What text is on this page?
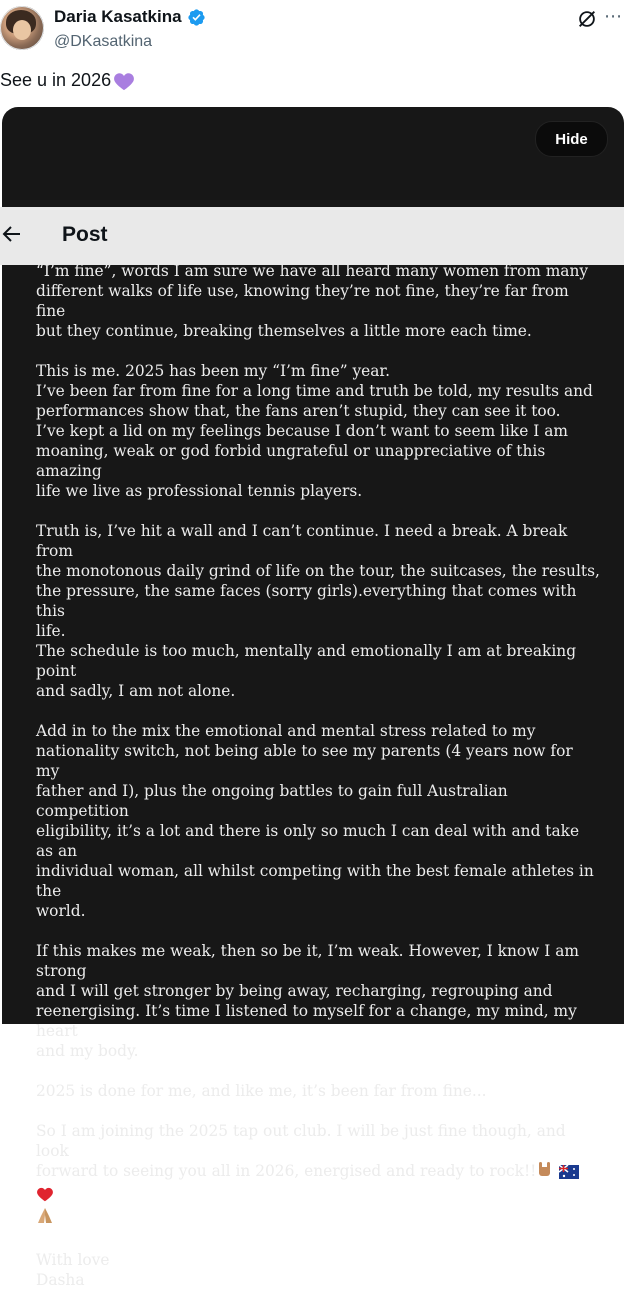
Daria Kasatkina
@DKasatkina
⋯
See u in 2026
Hide
Post

“I’m fine”, words I am sure we have all heard many women from many
different walks of life use, knowing they’re not fine, they’re far from fine
but they continue, breaking themselves a little more each time.

This is me. 2025 has been my “I’m fine” year.
I’ve been far from fine for a long time and truth be told, my results and
performances show that, the fans aren’t stupid, they can see it too.
I’ve kept a lid on my feelings because I don’t want to seem like I am
moaning, weak or god forbid ungrateful or unappreciative of this amazing
life we live as professional tennis players.

Truth is, I’ve hit a wall and I can’t continue. I need a break. A break from
the monotonous daily grind of life on the tour, the suitcases, the results,
the pressure, the same faces (sorry girls).everything that comes with this
life.
The schedule is too much, mentally and emotionally I am at breaking point
and sadly, I am not alone.

Add in to the mix the emotional and mental stress related to my
nationality switch, not being able to see my parents (4 years now for my
father and I), plus the ongoing battles to gain full Australian competition
eligibility, it’s a lot and there is only so much I can deal with and take as an
individual woman, all whilst competing with the best female athletes in the
world.

If this makes me weak, then so be it, I’m weak. However, I know I am strong
and I will get stronger by being away, recharging, regrouping and
reenergising. It’s time I listened to myself for a change, my mind, my heart
and my body.

2025 is done for me, and like me, it’s been far from fine...

So I am joining the 2025 tap out club. I will be just fine though, and look
forward to seeing you all in 2026, energised and ready to rock!!

With love
Dasha
